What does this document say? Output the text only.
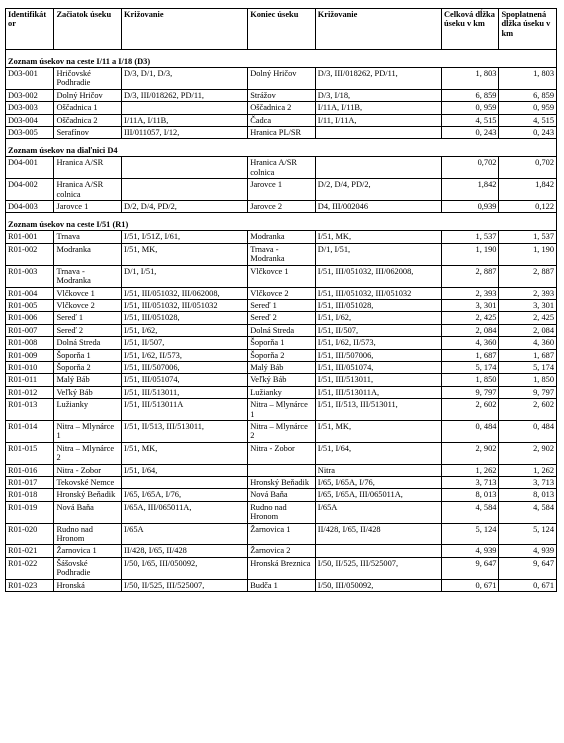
Identifikát or	Začiatok úseku	Križovanie	Koniec úseku	Križovanie	Celková dĺžka úseku v km	Spoplatnená dĺžka úseku v km
Zoznam úsekov na ceste I/11 a I/18 (D3)						
D03-001	Hričovské Podhradie	D/3, D/1, D/3,	Dolný Hričov	D/3, III/018262, PD/11,	1, 803	1, 803
D03-002	Dolný Hričov	D/3, III/018262, PD/11,	Strážov	D/3, I/18,	6, 859	6, 859
D03-003	Oščadnica 1		Oščadnica 2	I/11A, I/11B,	0, 959	0, 959
D03-004	Oščadnica 2	I/11A, I/11B,	Čadca	I/11, I/11A,	4, 515	4, 515
D03-005	Serafínov	III/011057, I/12,	Hranica PL/SR		0, 243	0, 243
Zoznam úsekov na diaľnici D4						
D04-001	Hranica A/SR		Hranica A/SR colnica		0,702	0,702
D04-002	Hranica A/SR colnica		Jarovce 1	D/2, D/4, PD/2,	1,842	1,842
D04-003	Jarovce 1	D/2, D/4, PD/2,	Jarovce 2	D4, III/002046	0,939	0,122
Zoznam úsekov na ceste I/51 (R1)						
R01-001	Trnava	I/51, I/51Z, I/61,	Modranka	I/51, MK,	1, 537	1, 537
R01-002	Modranka	I/51, MK,	Trnava - Modranka	D/1, I/51,	1, 190	1, 190
R01-003	Trnava - Modranka	D/1, I/51,	Vlčkovce 1	I/51, III/051032, III/062008,	2, 887	2, 887
R01-004	Vlčkovce 1	I/51, III/051032, III/062008,	Vlčkovce 2	I/51, III/051032, III/051032	2, 393	2, 393
R01-005	Vlčkovce 2	I/51, III/051032, III/051032	Sereď 1	I/51, III/051028,	3, 301	3, 301
R01-006	Sereď 1	I/51, III/051028,	Sereď 2	I/51, I/62,	2, 425	2, 425
R01-007	Sereď 2	I/51, I/62,	Dolná Streda	I/51, II/507,	2, 084	2, 084
R01-008	Dolná Streda	I/51, II/507,	Šoporňa 1	I/51, I/62, II/573,	4, 360	4, 360
R01-009	Šoporňa 1	I/51, I/62, II/573,	Šoporňa 2	I/51, III/507006,	1, 687	1, 687
R01-010	Šoporňa 2	I/51, III/507006,	Malý Báb	I/51, III/051074,	5, 174	5, 174
R01-011	Malý Báb	I/51, III/051074,	Veľký Báb	I/51, III/513011,	1, 850	1, 850
R01-012	Veľký Báb	I/51, III/513011,	Lužianky	I/51, III/513011A,	9, 797	9, 797
R01-013	Lužianky	I/51, III/513011A	Nitra – Mlynárce 1	I/51, II/513, III/513011,	2, 602	2, 602
R01-014	Nitra – Mlynárce 1	I/51, II/513, III/513011,	Nitra – Mlynárce 2	I/51, MK,	0, 484	0, 484
R01-015	Nitra – Mlynárce 2	I/51, MK,	Nitra - Zobor	I/51, I/64,	2, 902	2, 902
R01-016	Nitra - Zobor	I/51, I/64,		Nitra	1, 262	1, 262
R01-017	Tekovské Nemce		Hronský Beňadik	I/65, I/65A, I/76,	3, 713	3, 713
R01-018	Hronský Beňadik	I/65, I/65A, I/76,	Nová Baňa	I/65, I/65A, III/065011A,	8, 013	8, 013
R01-019	Nová Baňa	I/65A, III/065011A,	Rudno nad Hronom	I/65A	4, 584	4, 584
R01-020	Rudno nad Hronom	I/65A	Žarnovica 1	II/428, I/65, II/428	5, 124	5, 124
R01-021	Žarnovica 1	II/428, I/65, II/428	Žarnovica 2		4, 939	4, 939
R01-022	Šášovské Podhradie	I/50, I/65, III/050092,	Hronská Breznica	I/50, II/525, III/525007,	9, 647	9, 647
R01-023	Hronská	I/50, II/525, III/525007,	Budča 1	I/50, III/050092,	0, 671	0, 671
